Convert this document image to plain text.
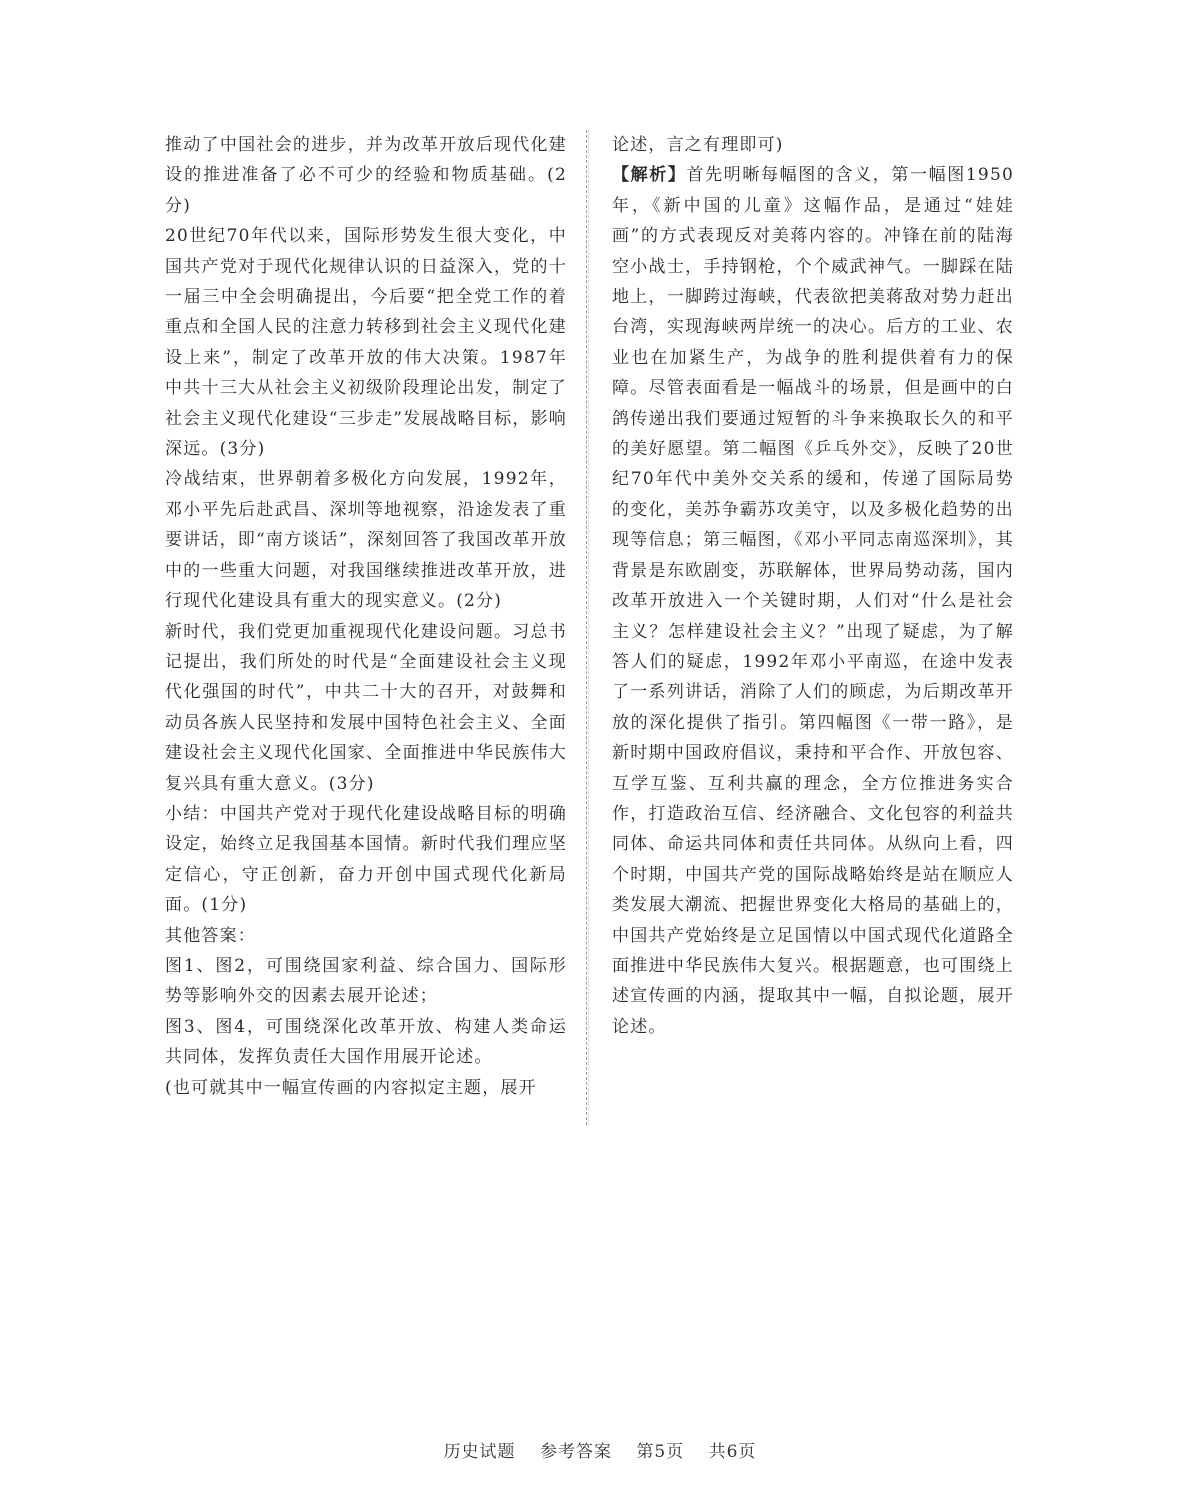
推动了中国社会的进步，并为改革开放后现代化建设的推进准备了必不可少的经验和物质基础。(2分)

20世纪70年代以来，国际形势发生很大变化，中国共产党对于现代化规律认识的日益深入，党的十一届三中全会明确提出，今后要“把全党工作的着重点和全国人民的注意力转移到社会主义现代化建设上来”，制定了改革开放的伟大决策。1987年中共十三大从社会主义初级阶段理论出发，制定了社会主义现代化建设“三步走”发展战略目标，影响深远。(3分)

冷战结束，世界朝着多极化方向发展，1992年，邓小平先后赴武昌、深圳等地视察，沿途发表了重要讲话，即“南方谈话”，深刻回答了我国改革开放中的一些重大问题，对我国继续推进改革开放，进行现代化建设具有重大的现实意义。(2分)

新时代，我们党更加重视现代化建设问题。习总书记提出，我们所处的时代是“全面建设社会主义现代化强国的时代”，中共二十大的召开，对鼓舞和动员各族人民坚持和发展中国特色社会主义、全面建设社会主义现代化国家、全面推进中华民族伟大复兴具有重大意义。(3分)

小结：中国共产党对于现代化建设战略目标的明确设定，始终立足我国基本国情。新时代我们理应坚定信心，守正创新，奋力开创中国式现代化新局面。(1分)

其他答案：

图1、图2，可围绕国家利益、综合国力、国际形势等影响外交的因素去展开论述；

图3、图4，可围绕深化改革开放、构建人类命运共同体，发挥负责任大国作用展开论述。

(也可就其中一幅宣传画的内容拟定主题，展开

论述，言之有理即可)

【解析】首先明晰每幅图的含义，第一幅图1950年，《新中国的儿童》这幅作品，是通过“娃娃画”的方式表现反对美蒋内容的。冲锋在前的陆海空小战士，手持钢枪，个个威武神气。一脚踩在陆地上，一脚跨过海峡，代表欲把美蒋敌对势力赶出台湾，实现海峡两岸统一的决心。后方的工业、农业也在加紧生产，为战争的胜利提供着有力的保障。尽管表面看是一幅战斗的场景，但是画中的白鸽传递出我们要通过短暂的斗争来换取长久的和平的美好愿望。第二幅图《乒乓外交》，反映了20世纪70年代中美外交关系的缓和，传递了国际局势的变化，美苏争霸苏攻美守，以及多极化趋势的出现等信息；第三幅图，《邓小平同志南巡深圳》，其背景是东欧剧变，苏联解体，世界局势动荡，国内改革开放进入一个关键时期，人们对“什么是社会主义？怎样建设社会主义？”出现了疑虑，为了解答人们的疑虑，1992年邓小平南巡，在途中发表了一系列讲话，消除了人们的顾虑，为后期改革开放的深化提供了指引。第四幅图《一带一路》，是新时期中国政府倡议，秉持和平合作、开放包容、互学互鉴、互利共赢的理念，全方位推进务实合作，打造政治互信、经济融合、文化包容的利益共同体、命运共同体和责任共同体。从纵向上看，四个时期，中国共产党的国际战略始终是站在顺应人类发展大潮流、把握世界变化大格局的基础上的，中国共产党始终是立足国情以中国式现代化道路全面推进中华民族伟大复兴。根据题意，也可围绕上述宣传画的内涵，提取其中一幅，自拟论题，展开论述。

历史试题 参考答案 第5页 共6页
